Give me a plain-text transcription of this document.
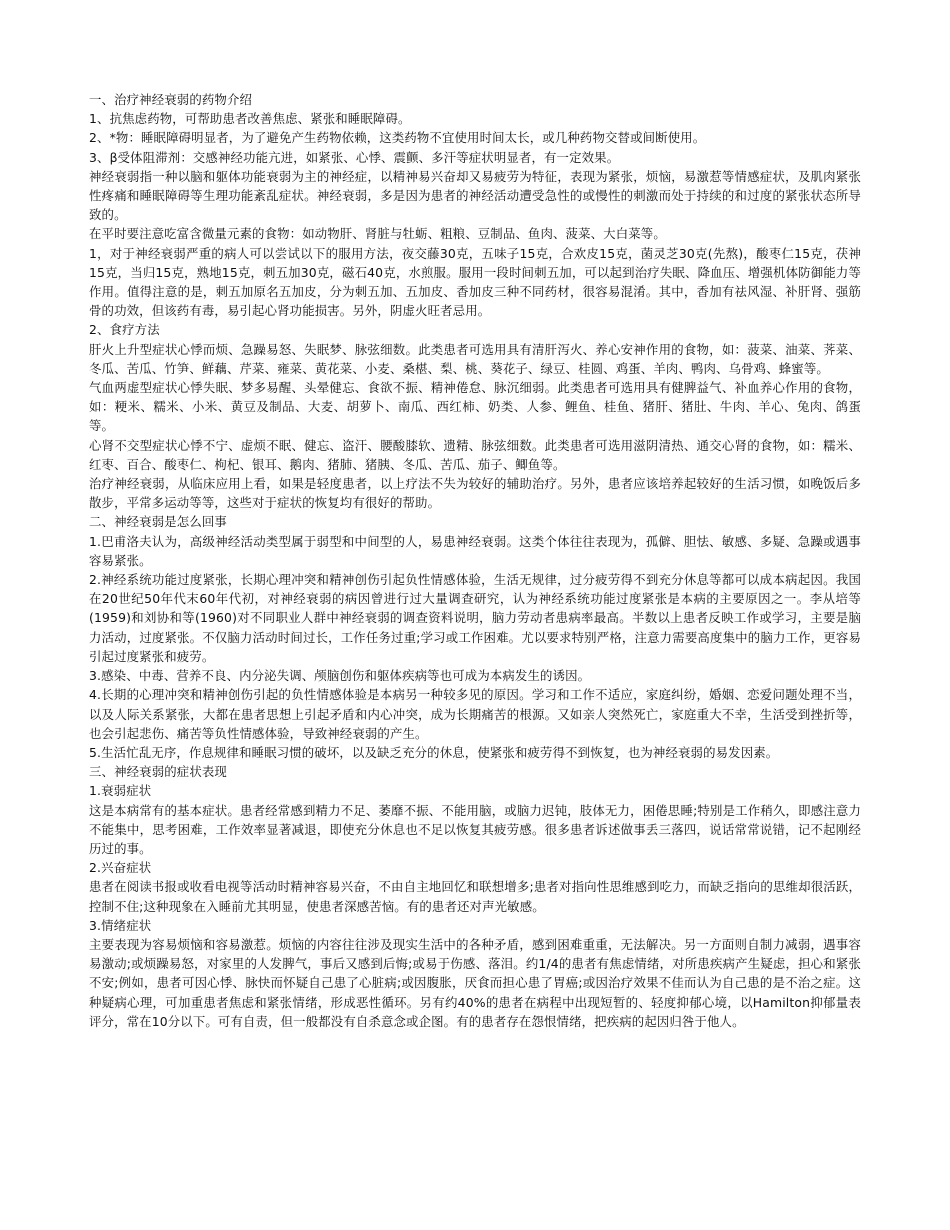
一、治疗神经衰弱的药物介绍

1、抗焦虑药物，可帮助患者改善焦虑、紧张和睡眠障碍。

2、*物：睡眠障碍明显者，为了避免产生药物依赖，这类药物不宜使用时间太长，或几种药物交替或间断使用。

3、β受体阻滞剂：交感神经功能亢进，如紧张、心悸、震颤、多汗等症状明显者，有一定效果。

神经衰弱指一种以脑和躯体功能衰弱为主的神经症，以精神易兴奋却又易疲劳为特征，表现为紧张，烦恼，易激惹等情感症状，及肌肉紧张性疼痛和睡眠障碍等生理功能紊乱症状。神经衰弱，多是因为患者的神经活动遭受急性的或慢性的刺激而处于持续的和过度的紧张状态所导致的。

在平时要注意吃富含微量元素的食物：如动物肝、肾脏与牡蛎、粗粮、豆制品、鱼肉、菠菜、大白菜等。

1，对于神经衰弱严重的病人可以尝试以下的服用方法，夜交藤30克，五味子15克，合欢皮15克，菌灵芝30克(先熬)，酸枣仁15克，茯神15克，当归15克，熟地15克，刺五加30克，磁石40克，水煎服。服用一段时间刺五加，可以起到治疗失眠、降血压、增强机体防御能力等作用。值得注意的是，刺五加原名五加皮，分为刺五加、五加皮、香加皮三种不同药材，很容易混淆。其中，香加有祛风湿、补肝肾、强筋骨的功效，但该药有毒，易引起心肾功能损害。另外，阴虚火旺者忌用。

2、食疗方法

肝火上升型症状心悸而烦、急躁易怒、失眠梦、脉弦细数。此类患者可选用具有清肝泻火、养心安神作用的食物，如：菠菜、油菜、荠菜、冬瓜、苦瓜、竹笋、鲜藕、芹菜、雍菜、黄花菜、小麦、桑椹、梨、桃、葵花子、绿豆、桂圆、鸡蛋、羊肉、鸭肉、乌骨鸡、蜂蜜等。

气血两虚型症状心悸失眠、梦多易醒、头晕健忘、食欲不振、精神倦怠、脉沉细弱。此类患者可选用具有健脾益气、补血养心作用的食物，如：粳米、糯米、小米、黄豆及制品、大麦、胡萝卜、南瓜、西红柿、奶类、人参、鲤鱼、桂鱼、猪肝、猪肚、牛肉、羊心、兔肉、鸽蛋等。

心肾不交型症状心悸不宁、虚烦不眠、健忘、盗汗、腰酸膝软、遗精、脉弦细数。此类患者可选用滋阴清热、通交心肾的食物，如：糯米、红枣、百合、酸枣仁、枸杞、银耳、鹅肉、猪肺、猪胰、冬瓜、苦瓜、茄子、鲫鱼等。

治疗神经衰弱，从临床应用上看，如果是轻度患者，以上疗法不失为较好的辅助治疗。另外，患者应该培养起较好的生活习惯，如晚饭后多散步，平常多运动等等，这些对于症状的恢复均有很好的帮助。

二、神经衰弱是怎么回事

1.巴甫洛夫认为，高级神经活动类型属于弱型和中间型的人，易患神经衰弱。这类个体往往表现为，孤僻、胆怯、敏感、多疑、急躁或遇事容易紧张。

2.神经系统功能过度紧张，长期心理冲突和精神创伤引起负性情感体验，生活无规律，过分疲劳得不到充分休息等都可以成本病起因。我国在20世纪50年代末60年代初，对神经衰弱的病因曾进行过大量调查研究，认为神经系统功能过度紧张是本病的主要原因之一。李从培等(1959)和刘协和等(1960)对不同职业人群中神经衰弱的调查资料说明，脑力劳动者患病率最高。半数以上患者反映工作或学习，主要是脑力活动，过度紧张。不仅脑力活动时间过长，工作任务过重;学习或工作困难。尤以要求特别严格，注意力需要高度集中的脑力工作，更容易引起过度紧张和疲劳。

3.感染、中毒、营养不良、内分泌失调、颅脑创伤和躯体疾病等也可成为本病发生的诱因。

4.长期的心理冲突和精神创伤引起的负性情感体验是本病另一种较多见的原因。学习和工作不适应，家庭纠纷，婚姻、恋爱问题处理不当，以及人际关系紧张，大都在患者思想上引起矛盾和内心冲突，成为长期痛苦的根源。又如亲人突然死亡，家庭重大不幸，生活受到挫折等，也会引起悲伤、痛苦等负性情感体验，导致神经衰弱的产生。

5.生活忙乱无序，作息规律和睡眠习惯的破坏，以及缺乏充分的休息，使紧张和疲劳得不到恢复，也为神经衰弱的易发因素。

三、神经衰弱的症状表现

1.衰弱症状

这是本病常有的基本症状。患者经常感到精力不足、萎靡不振、不能用脑，或脑力迟钝，肢体无力，困倦思睡;特别是工作稍久，即感注意力不能集中，思考困难，工作效率显著减退，即使充分休息也不足以恢复其疲劳感。很多患者诉述做事丢三落四，说话常常说错，记不起刚经历过的事。

2.兴奋症状

患者在阅读书报或收看电视等活动时精神容易兴奋，不由自主地回忆和联想增多;患者对指向性思维感到吃力，而缺乏指向的思维却很活跃，控制不住;这种现象在入睡前尤其明显，使患者深感苦恼。有的患者还对声光敏感。

3.情绪症状

主要表现为容易烦恼和容易激惹。烦恼的内容往往涉及现实生活中的各种矛盾，感到困难重重，无法解决。另一方面则自制力减弱，遇事容易激动;或烦躁易怒，对家里的人发脾气，事后又感到后悔;或易于伤感、落泪。约1/4的患者有焦虑情绪，对所患疾病产生疑虑，担心和紧张不安;例如，患者可因心悸、脉快而怀疑自己患了心脏病;或因腹胀，厌食而担心患了胃癌;或因治疗效果不佳而认为自己患的是不治之症。这种疑病心理，可加重患者焦虑和紧张情绪，形成恶性循环。另有约40%的患者在病程中出现短暂的、轻度抑郁心境，以Hamilton抑郁量表评分，常在10分以下。可有自责，但一般都没有自杀意念或企图。有的患者存在怨恨情绪，把疾病的起因归咎于他人。
